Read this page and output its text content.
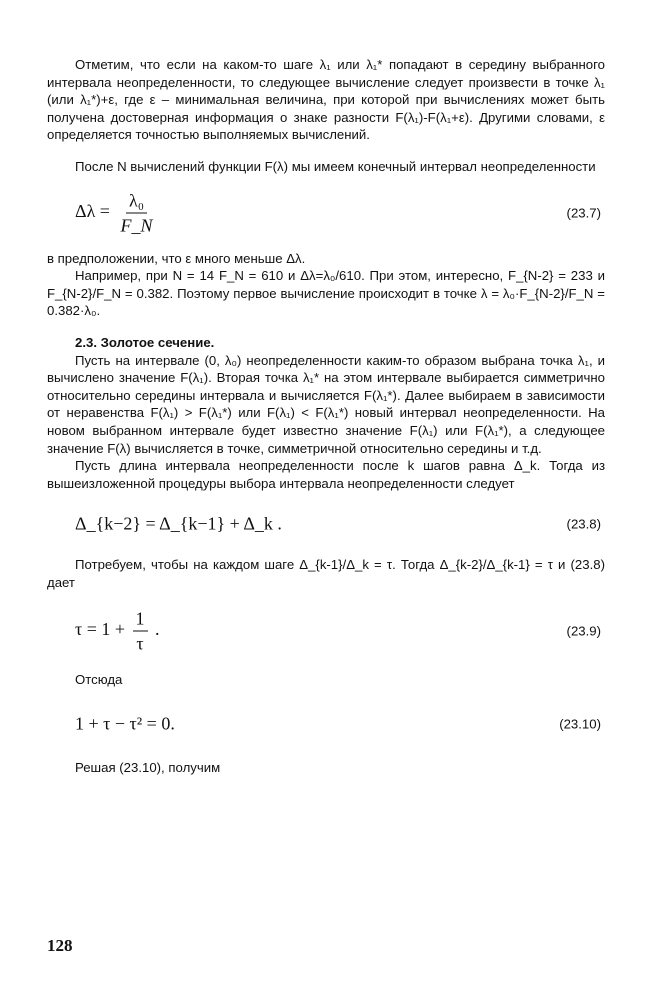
Отметим, что если на каком-то шаге λ₁ или λ₁* попадают в середину выбранного интервала неопределенности, то следующее вычисление следует произвести в точке λ₁ (или λ₁*)+ε, где ε – минимальная величина, при которой при вычислениях может быть получена достоверная информация о знаке разности F(λ₁)-F(λ₁+ε). Другими словами, ε определяется точностью выполняемых вычислений.

После N вычислений функции F(λ) мы имеем конечный интервал неопределенности

$\Delta\lambda = \frac{\text{λ₀}}{F\_N}$	(23.7)

в предположении, что ε много меньше Δλ.

Например, при N = 14 F_N = 610 и Δλ=λ₀/610. При этом, интересно, F_{N-2} = 233 и F_{N-2}/F_N = 0.382. Поэтому первое вычисление происходит в точке λ = λ₀·F_{N-2}/F_N = 0.382·λ₀.

2.3. Золотое сечение.

Пусть на интервале (0, λ₀) неопределенности каким-то образом выбрана точка λ₁, и вычислено значение F(λ₁). Вторая точка λ₁* на этом интервале выбирается симметрично относительно середины интервала и вычисляется F(λ₁*). Далее выбираем в зависимости от неравенства F(λ₁) > F(λ₁*) или F(λ₁) < F(λ₁*) новый интервал неопределенности. На новом выбранном интервале будет известно значение F(λ₁) или F(λ₁*), а следующее значение F(λ) вычисляется в точке, симметричной относительно середины и т.д.

Пусть длина интервала неопределенности после k шагов равна Δ_k. Тогда из вышеизложенной процедуры выбора интервала неопределенности следует

Δ_{k−2} = Δ_{k−1} + Δ_k .	(23.8)

Потребуем, чтобы на каждом шаге Δ_{k-1}/Δ_k = τ. Тогда Δ_{k-2}/Δ_{k-1} = τ и (23.8) дает

$\tau = 1 + \frac{1}{\tau}$ .	(23.9)

Отсюда

1 + τ − τ² = 0.	(23.10)

Решая (23.10), получим

128
